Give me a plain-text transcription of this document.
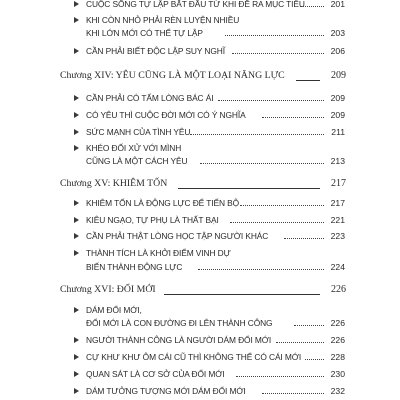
CUỘC SỐNG TỰ LẬP BẮT ĐẦU TỪ KHI ĐỀ RA MỤC TIÊU	201
KHI CÒN NHỎ PHẢI RÈN LUYỆN NHIỀU
KHI LỚN MỚI CÓ THỂ TỰ LẬP	203
CẦN PHẢI BIẾT ĐỘC LẬP SUY NGHĨ	206
Chương XIV: YÊU CŨNG LÀ MỘT LOẠI NĂNG LỰC	209
CẦN PHẢI CÓ TẤM LÒNG BÁC ÁI	209
CÓ YÊU THÌ CUỘC ĐỜI MỚI CÓ Ý NGHĨA	209
SỨC MẠNH CỦA TÌNH YÊU	211
KHÉO ĐỐI XỬ VỚI MÌNH
CŨNG LÀ MỘT CÁCH YÊU	213
Chương XV: KHIÊM TỐN	217
KHIÊM TỐN LÀ ĐỘNG LỰC ĐỂ TIẾN BỘ	217
KIÊU NGẠO, TỰ PHỤ LÀ THẤT BẠI	221
CẦN PHẢI THẬT LÒNG HỌC TẬP NGƯỜI KHÁC	223
THÀNH TÍCH LÀ KHỞI ĐIỂM VINH DỰ
BIẾN THÀNH ĐỘNG LỰC	224
Chương XVI: ĐỔI MỚI	226
DÁM ĐỔI MỚI,
ĐỔI MỚI LÀ CON ĐƯỜNG ĐI LÊN THÀNH CÔNG	226
NGƯỜI THÀNH CÔNG LÀ NGƯỜI DÁM ĐỔI MỚI	226
CỰ KHƯ KHƯ ÔM CÁI CŨ THÌ KHÔNG THỂ CÓ CÁI MỚI	228
QUAN SÁT LÀ CƠ SỞ CỦA ĐỔI MỚI	230
DÁM TƯỞNG TƯỢNG MỚI DÁM ĐỔI MỚI	232
